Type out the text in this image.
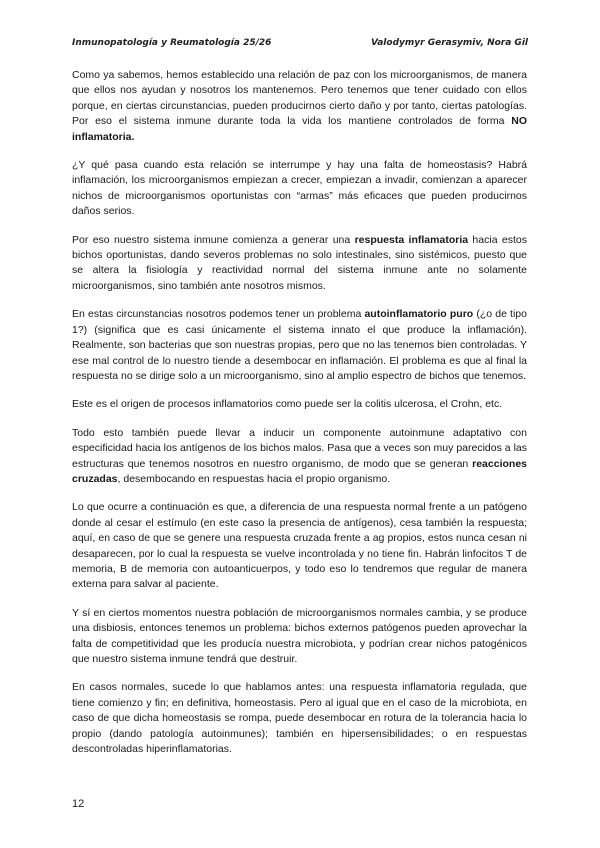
Inmunopatología y Reumatología 25/26	Valodymyr Gerasymiv, Nora Gil

Como ya sabemos, hemos establecido una relación de paz con los microorganismos, de manera que ellos nos ayudan y nosotros los mantenemos. Pero tenemos que tener cuidado con ellos porque, en ciertas circunstancias, pueden producirnos cierto daño y por tanto, ciertas patologías. Por eso el sistema inmune durante toda la vida los mantiene controlados de forma NO inflamatoria.

¿Y qué pasa cuando esta relación se interrumpe y hay una falta de homeostasis? Habrá inflamación, los microorganismos empiezan a crecer, empiezan a invadir, comienzan a aparecer nichos de microorganismos oportunistas con “armas” más eficaces que pueden producirnos daños serios.

Por eso nuestro sistema inmune comienza a generar una respuesta inflamatoria hacia estos bichos oportunistas, dando severos problemas no solo intestinales, sino sistémicos, puesto que se altera la fisiología y reactividad normal del sistema inmune ante no solamente microorganismos, sino también ante nosotros mismos.

En estas circunstancias nosotros podemos tener un problema autoinflamatorio puro (¿o de tipo 1?) (significa que es casi únicamente el sistema innato el que produce la inflamación). Realmente, son bacterias que son nuestras propias, pero que no las tenemos bien controladas. Y ese mal control de lo nuestro tiende a desembocar en inflamación. El problema es que al final la respuesta no se dirige solo a un microorganismo, sino al amplio espectro de bichos que tenemos.

Este es el origen de procesos inflamatorios como puede ser la colitis ulcerosa, el Crohn, etc.

Todo esto también puede llevar a inducir un componente autoinmune adaptativo con especificidad hacia los antígenos de los bichos malos. Pasa que a veces son muy parecidos a las estructuras que tenemos nosotros en nuestro organismo, de modo que se generan reacciones cruzadas, desembocando en respuestas hacia el propio organismo.

Lo que ocurre a continuación es que, a diferencia de una respuesta normal frente a un patógeno donde al cesar el estímulo (en este caso la presencia de antígenos), cesa también la respuesta; aquí, en caso de que se genere una respuesta cruzada frente a ag propios, estos nunca cesan ni desaparecen, por lo cual la respuesta se vuelve incontrolada y no tiene fin. Habrán linfocitos T de memoria, B de memoria con autoanticuerpos, y todo eso lo tendremos que regular de manera externa para salvar al paciente.

Y sí en ciertos momentos nuestra población de microorganismos normales cambia, y se produce una disbiosis, entonces tenemos un problema: bichos externos patógenos pueden aprovechar la falta de competitividad que les producía nuestra microbiota, y podrían crear nichos patogénicos que nuestro sistema inmune tendrá que destruir.

En casos normales, sucede lo que hablamos antes: una respuesta inflamatoria regulada, que tiene comienzo y fin; en definitiva, homeostasis. Pero al igual que en el caso de la microbiota, en caso de que dicha homeostasis se rompa, puede desembocar en rotura de la tolerancia hacia lo propio (dando patología autoinmunes); también en hipersensibilidades; o en respuestas descontroladas hiperinflamatorias.

12
